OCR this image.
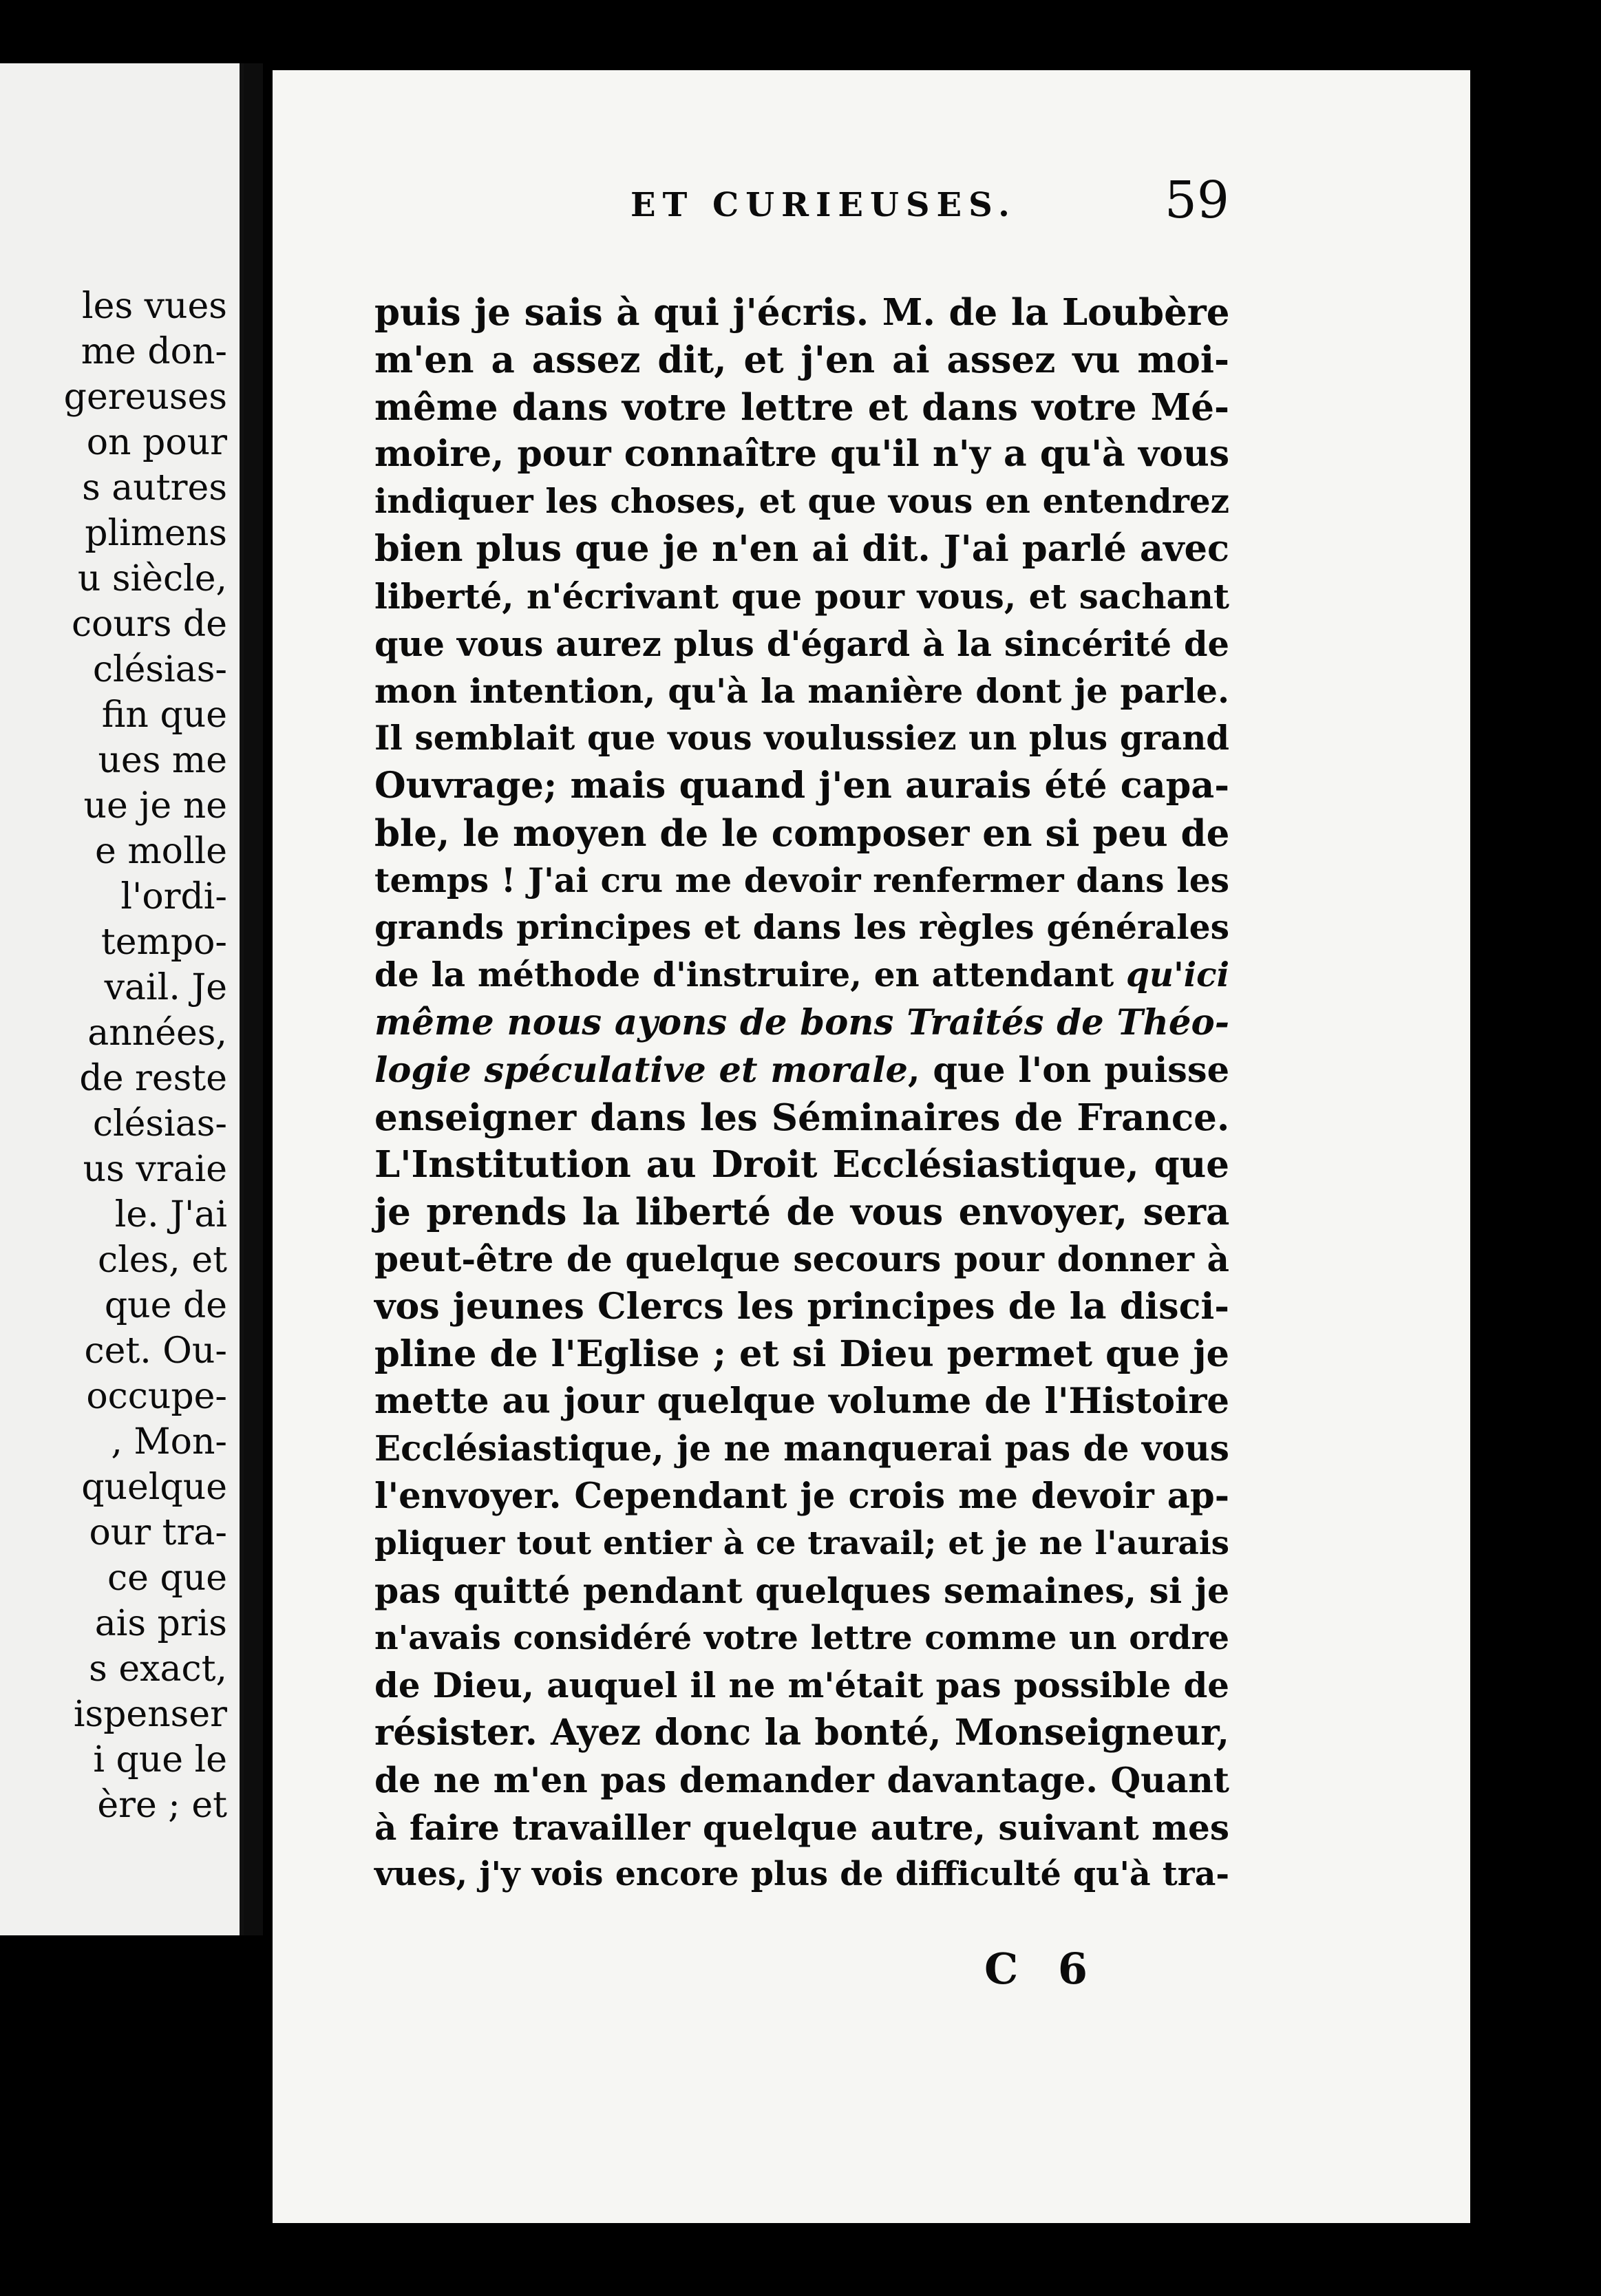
les vues
me don-
gereuses
on pour
s autres
plimens
u siècle,
cours de
clésias-
fin que
ues me
ue je ne
e molle
l'ordi-
tempo-
vail. Je
années,
de reste
clésias-
us vraie
le. J'ai
cles, et
que de
cet. Ou-
occupe-
, Mon-
quelque
our tra-
ce que
ais pris
s exact,
ispenser
i que le
ère ; et
ET CURIEUSES.	59
puis je sais à qui j'écris. M. de la Loubère
m'en a assez dit, et j'en ai assez vu moi-
même dans votre lettre et dans votre Mé-
moire, pour connaître qu'il n'y a qu'à vous
indiquer les choses, et que vous en entendrez
bien plus que je n'en ai dit. J'ai parlé avec
liberté, n'écrivant que pour vous, et sachant
que vous aurez plus d'égard à la sincérité de
mon intention, qu'à la manière dont je parle.
Il semblait que vous voulussiez un plus grand
Ouvrage; mais quand j'en aurais été capa-
ble, le moyen de le composer en si peu de
temps ! J'ai cru me devoir renfermer dans les
grands principes et dans les règles générales
de la méthode d'instruire, en attendant qu'ici
même nous ayons de bons Traités de Théo-
logie spéculative et morale, que l'on puisse
enseigner dans les Séminaires de France.
L'Institution au Droit Ecclésiastique, que
je prends la liberté de vous envoyer, sera
peut-être de quelque secours pour donner à
vos jeunes Clercs les principes de la disci-
pline de l'Eglise ; et si Dieu permet que je
mette au jour quelque volume de l'Histoire
Ecclésiastique, je ne manquerai pas de vous
l'envoyer. Cependant je crois me devoir ap-
pliquer tout entier à ce travail; et je ne l'aurais
pas quitté pendant quelques semaines, si je
n'avais considéré votre lettre comme un ordre
de Dieu, auquel il ne m'était pas possible de
résister. Ayez donc la bonté, Monseigneur,
de ne m'en pas demander davantage. Quant
à faire travailler quelque autre, suivant mes
vues, j'y vois encore plus de difficulté qu'à tra-
C 6
